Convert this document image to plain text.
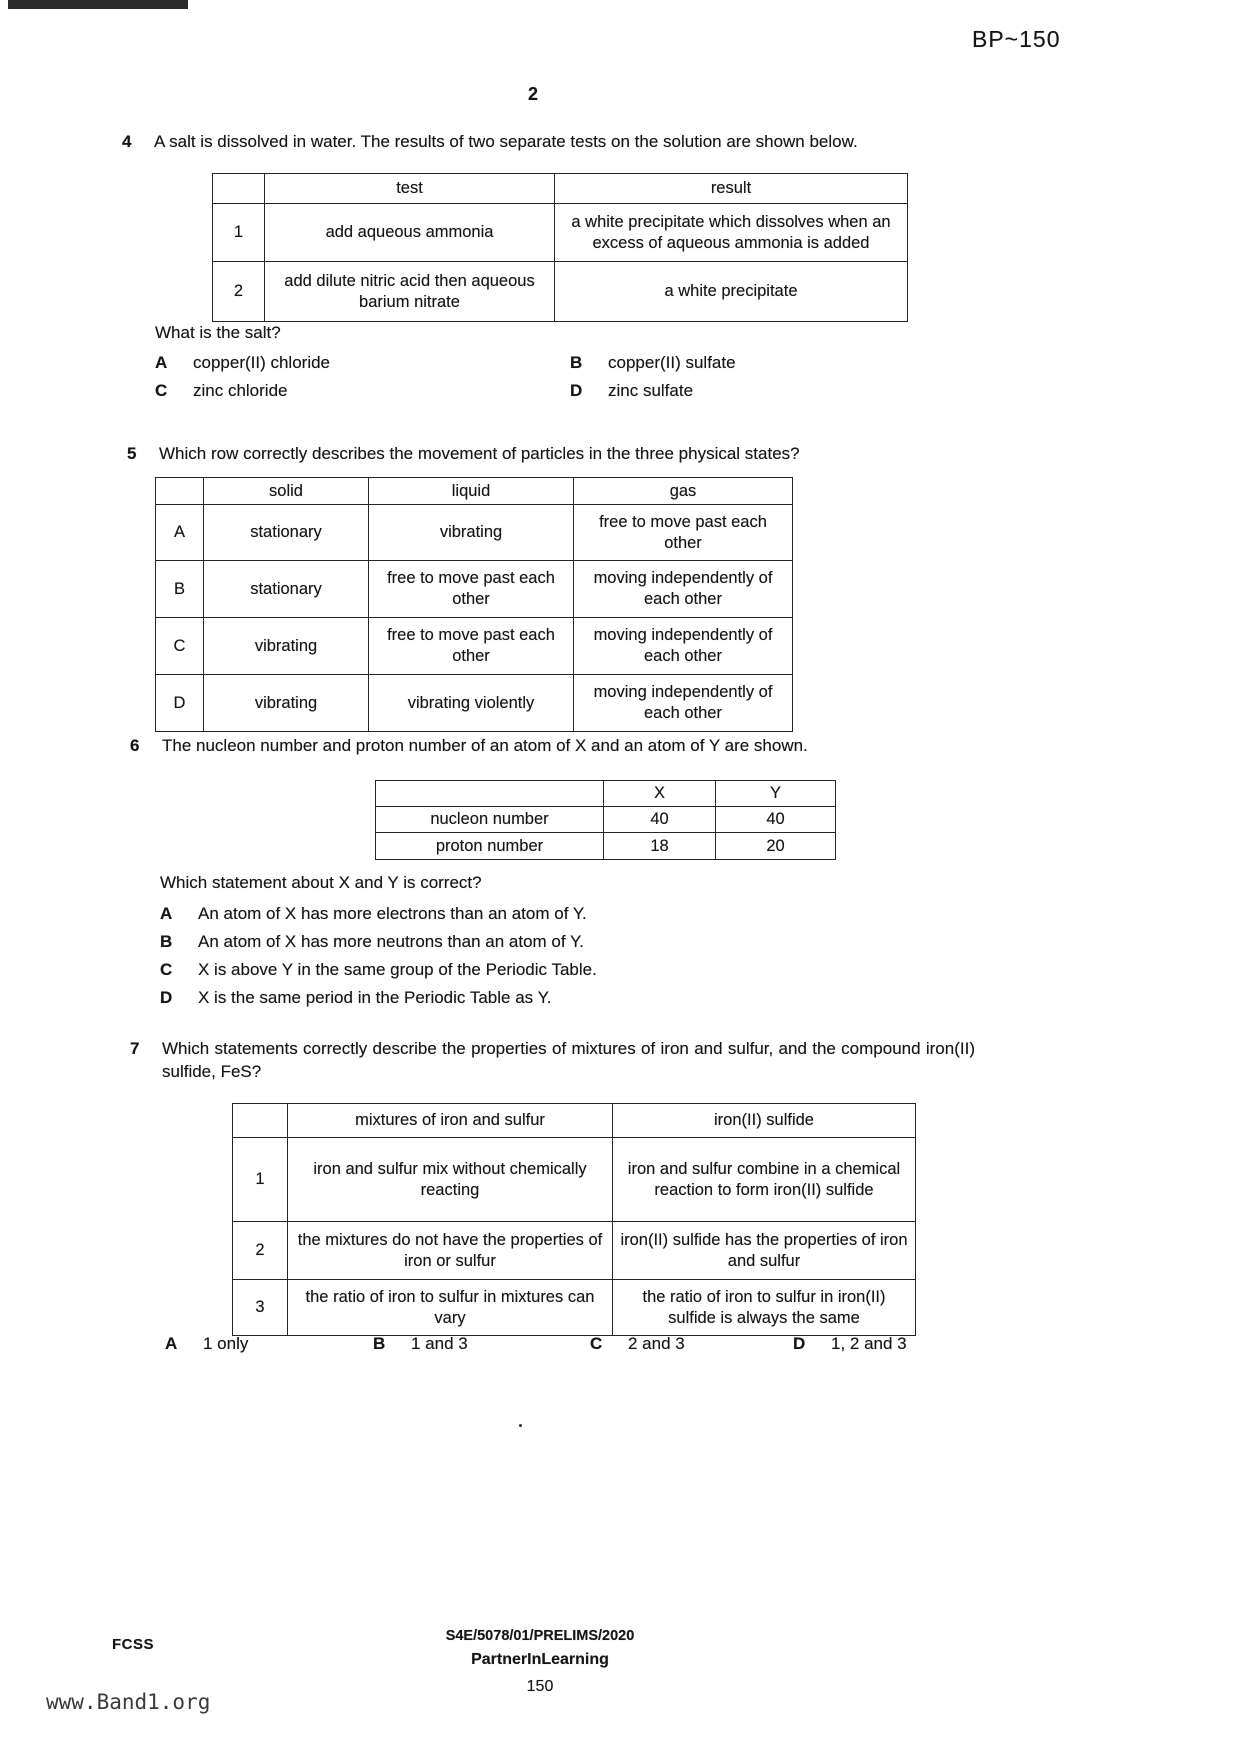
BP~150
2
4	A salt is dissolved in water. The results of two separate tests on the solution are shown below.
	test	result
1	add aqueous ammonia	a white precipitate which dissolves when an excess of aqueous ammonia is added
2	add dilute nitric acid then aqueous barium nitrate	a white precipitate
What is the salt?
A	copper(II) chloride	B	copper(II) sulfate
C	zinc chloride	D	zinc sulfate
5	Which row correctly describes the movement of particles in the three physical states?
	solid	liquid	gas
A	stationary	vibrating	free to move past each other
B	stationary	free to move past each other	moving independently of each other
C	vibrating	free to move past each other	moving independently of each other
D	vibrating	vibrating violently	moving independently of each other
6	The nucleon number and proton number of an atom of X and an atom of Y are shown.
	X	Y
nucleon number	40	40
proton number	18	20
Which statement about X and Y is correct?
A	An atom of X has more electrons than an atom of Y.
B	An atom of X has more neutrons than an atom of Y.
C	X is above Y in the same group of the Periodic Table.
D	X is the same period in the Periodic Table as Y.
7	Which statements correctly describe the properties of mixtures of iron and sulfur, and the compound iron(II) sulfide, FeS?
	mixtures of iron and sulfur	iron(II) sulfide
1	iron and sulfur mix without chemically reacting	iron and sulfur combine in a chemical reaction to form iron(II) sulfide
2	the mixtures do not have the properties of iron or sulfur	iron(II) sulfide has the properties of iron and sulfur
3	the ratio of iron to sulfur in mixtures can vary	the ratio of iron to sulfur in iron(II) sulfide is always the same
A	1 only	B	1 and 3	C	2 and 3	D	1, 2 and 3
FCSS	S4E/5078/01/PRELIMS/2020
PartnerInLearning
150
www.Band1.org
